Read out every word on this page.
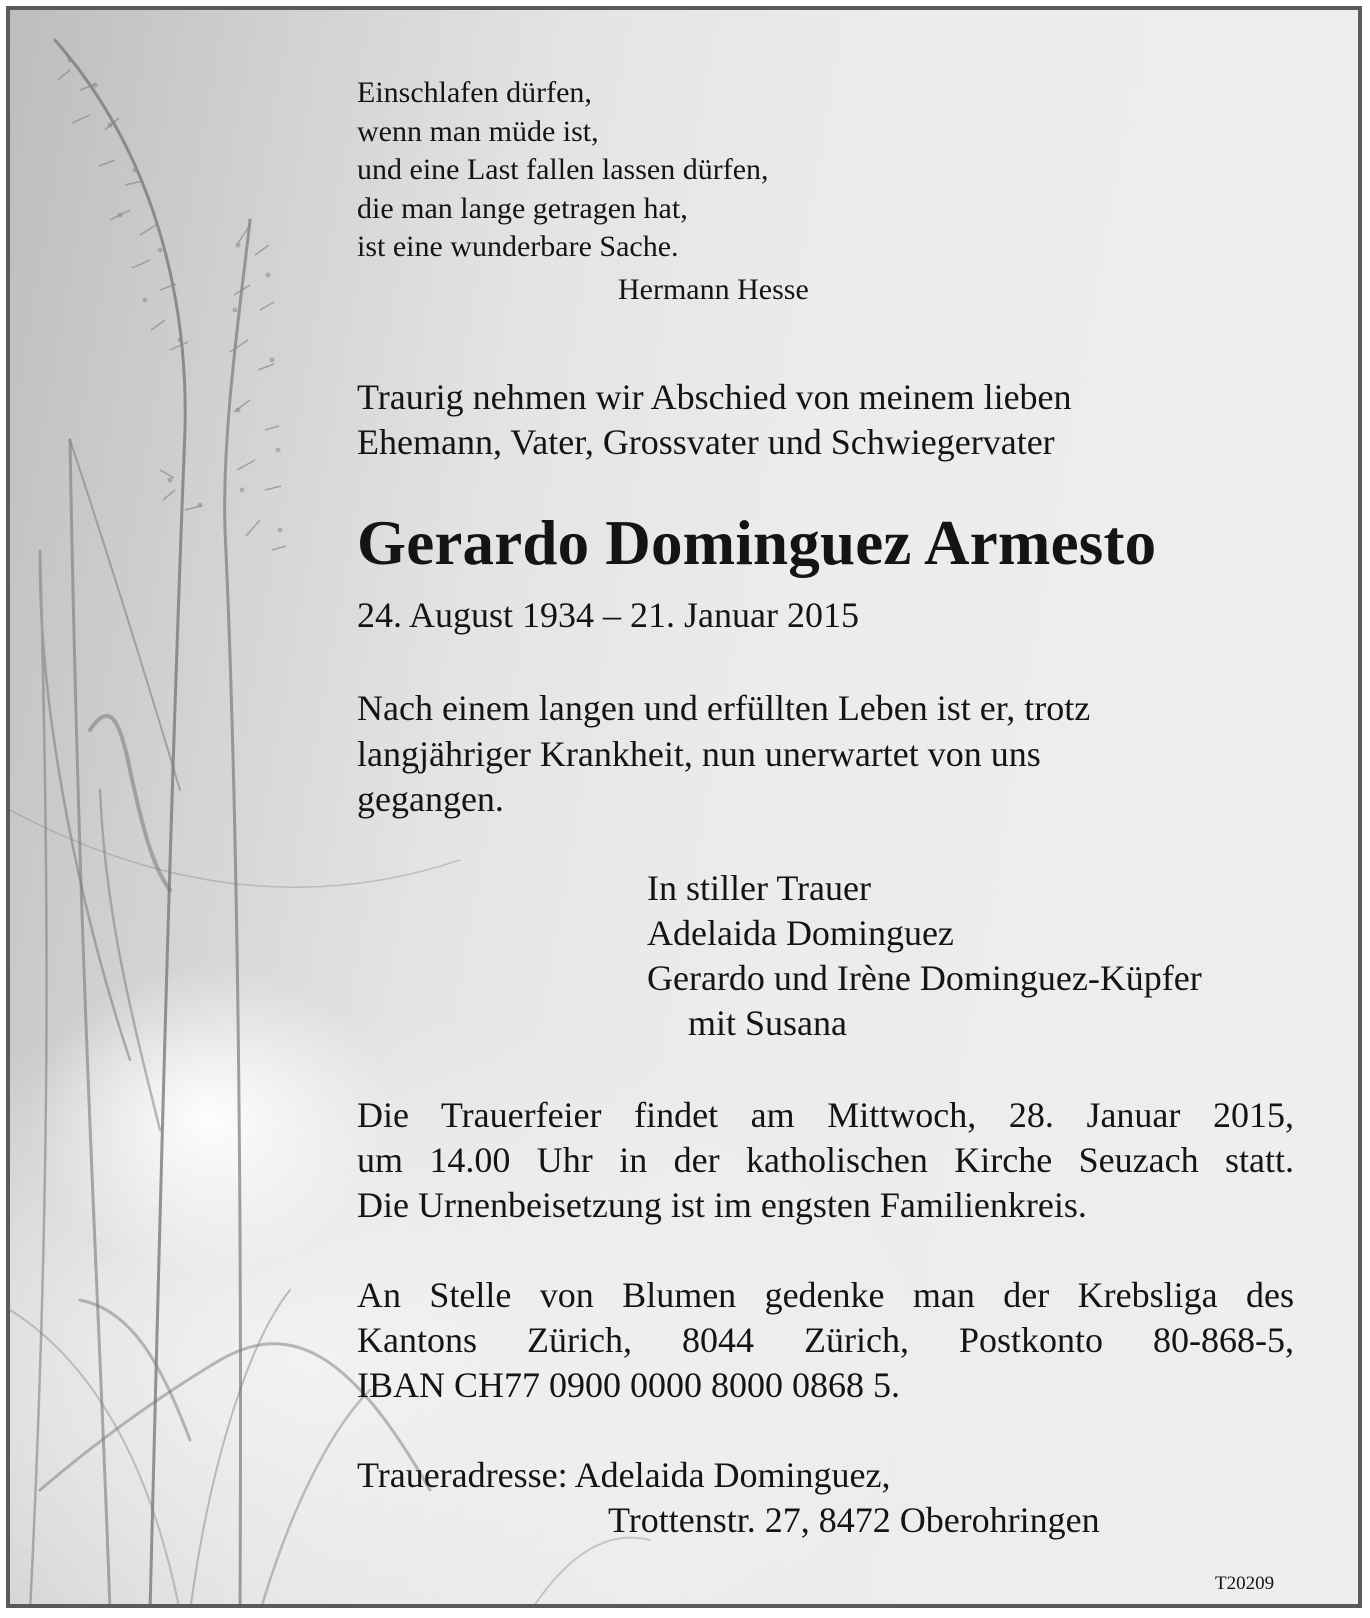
Einschlafen dürfen,
wenn man müde ist,
und eine Last fallen lassen dürfen,
die man lange getragen hat,
ist eine wunderbare Sache.
Hermann Hesse
Traurig nehmen wir Abschied von meinem lieben
Ehemann, Vater, Grossvater und Schwiegervater
Gerardo Dominguez Armesto
24. August 1934 – 21. Januar 2015
Nach einem langen und erfüllten Leben ist er, trotz
langjähriger Krankheit, nun unerwartet von uns
gegangen.
In stiller Trauer
Adelaida Dominguez
Gerardo und Irène Dominguez-Küpfer
mit Susana
Die Trauerfeier findet am Mittwoch, 28. Januar 2015,
um 14.00 Uhr in der katholischen Kirche Seuzach statt.
Die Urnenbeisetzung ist im engsten Familienkreis.
An Stelle von Blumen gedenke man der Krebsliga des
Kantons Zürich, 8044 Zürich, Postkonto 80-868-5,
IBAN CH77 0900 0000 8000 0868 5.
Traueradresse: Adelaida Dominguez,
Trottenstr. 27, 8472 Oberohringen
T20209
